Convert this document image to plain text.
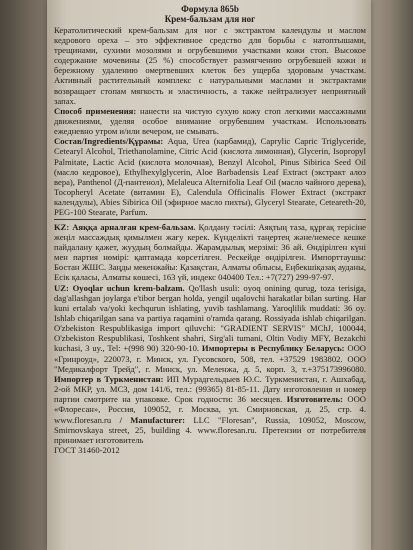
Формула 865b
Крем-бальзам для ног

Кератолитический крем-бальзам для ног с экстрактом календулы и маслом кедрового ореха – это эффективное средство для борьбы с натоптышами, трещинами, сухими мозолями и огрубевшими участками кожи стоп. Высокое содержание мочевины (25 %) способствует размягчению огрубевшей кожи и бережному удалению омертвевших клеток без ущерба здоровым участкам. Активный растительный комплекс с натуральными маслами и экстрактами возвращает стопам мягкость и эластичность, а также нейтрализует неприятный запах.

Способ применения: нанести на чистую сухую кожу стоп легкими массажными движениями, уделяя особое внимание огрубевшим участкам. Использовать ежедневно утром и/или вечером, не смывать.

Состав/Ingredients/Құрамы: Aqua, Urea (карбамид), Caprylic Capric Triglyceride, Cetearyl Alcohol, Triethanolamine, Citric Acid (кислота лимонная), Glycerin, Isopropyl Palmitate, Lactic Acid (кислота молочная), Benzyl Alcohol, Pinus Sibirica Seed Oil (масло кедровое), Ethylhexylglycerin, Aloe Barbadensis Leaf Extract (экстракт алоэ вера), Panthenol (Д-пантенол), Melaleuca Alternifolia Leaf Oil (масло чайного дерева), Tocopheryl Acetate (витамин Е), Calendula Officinalis Flower Extract (экстракт календулы), Abies Sibirica Oil (эфирное масло пихты), Glyceryl Stearate, Ceteareth-20, PEG-100 Stearate, Parfum.

KZ: Аяққа арналған крем-бальзам. Қолдану тәсілі: Аяқтың таза, құрғақ терісіне жеңіл массаждық қимылмен жағу керек. Күнделікті таңертең және/немесе кешке пайдалану қажет, жуудың болмайды. Жарамдылық мерзімі: 36 ай. Өндірілген күні мен партия нөмірі: қаптамада көрсетілген. Рескейде өндірілген. Импорттаушы: Бостан ЖШС. Заңды мекенжайы: Қазақстан, Алматы облысы, Еңбекшіқазақ ауданы, Есік қаласы, Алматы көшесі, 163 үй, индекс 040400 Тел.: +7(727) 299-97-97.

UZ: Oyoqlar uchun krem-balzam. Qo'llash usuli: oyoq onining qurug, toza terisiga, dag'allashgan joylarga e'tibor bergan holda, yengil uqalovchi harakatlar bilan surting. Har kuni ertalab va/yoki kechqurun ishlating, yuvib tashlamang. Yaroqlilik muddati: 36 oy. Ishlab chiqarilgan sana va partiya raqamini o'ramda qarang. Rossiyada ishlab chiqarilgan. O'zbekiston Respublikasiga import qiluvchi: "GRADIENT SERVIS" MChJ, 100044, O'zbekiston Respublikasi, Toshkent shahri, Sirg'ali tumani, Oltin Vodiy MFY, Bezakchi kuchasi, 3 uy., Tel: +(998 90) 320-90-10. Импортеры в Республику Беларусь: ООО «Гринроуд», 220073, г. Минск, ул. Гусовского, 508, тел. +37529 1983802. ООО "Медикалфорт Трейд", г. Минск, ул. Меленжа, д. 5, корп. 3, т.+375173996080. Импортер в Туркменистан: ИП Мурадгельдыев Ю.С. Туркменистан, г. Ашхабад, 2-ой МКР, ул. МСЗ, дом 141/6, тел.: (99365) 81-85-11. Дату изготовления и номер партии смотрите на упаковке. Срок годности: 36 месяцев. Изготовитель: ООО «Флоресан», Россия, 109052, г. Москва, ул. Смирновская, д. 25, стр. 4. www.floresan.ru / Manufacturer: LLC "Floresan", Russia, 109052, Moscow, Smirnovskaya street, 25, building 4. www.floresan.ru. Претензии от потребителя принимает изготовитель

ГОСТ 31460-2012
